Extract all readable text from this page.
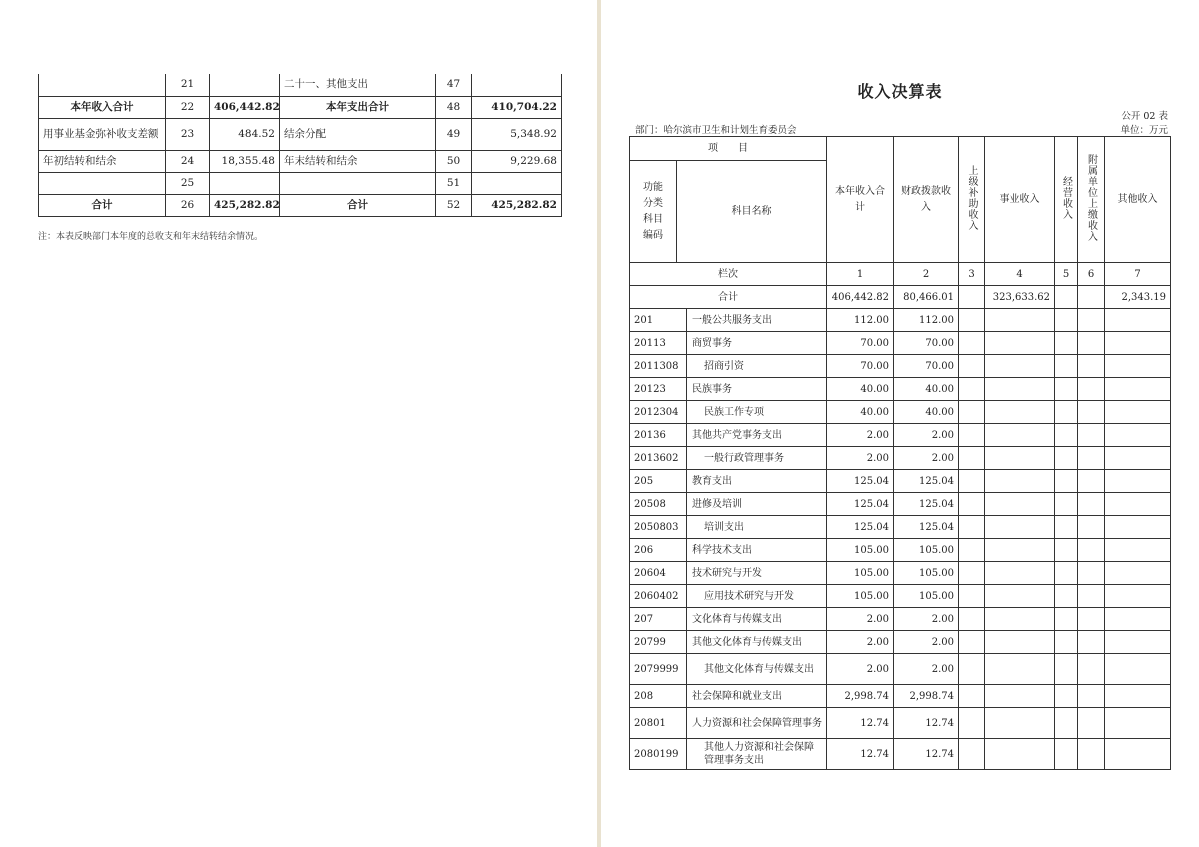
	21		二十一、其他支出	47	
本年收入合计	22	406,442.82	本年支出合计	48	410,704.22
用事业基金弥补收支差额	23	484.52	结余分配	49	5,348.92
年初结转和结余	24	18,355.48	年末结转和结余	50	9,229.68
	25			51	
合计	26	425,282.82	合计	52	425,282.82
注：本表反映部门本年度的总收支和年末结转结余情况。
收入决算表
公开 02 表
部门：哈尔滨市卫生和计划生育委员会	单位：万元
项　　目			本年收入合计	财政拨款收入	上级补助收入	事业收入	经营收入	附属单位上缴收入	其他收入
功能分类科目编码	科目名称								
栏次			1	2	3	4	5	6	7
合计			406,442.82	80,466.01		323,633.62			2,343.19
201		一般公共服务支出	112.00	112.00					
20113		商贸事务	70.00	70.00					
2011308		招商引资	70.00	70.00					
20123		民族事务	40.00	40.00					
2012304		民族工作专项	40.00	40.00					
20136		其他共产党事务支出	2.00	2.00					
2013602		一般行政管理事务	2.00	2.00					
205		教育支出	125.04	125.04					
20508		进修及培训	125.04	125.04					
2050803		培训支出	125.04	125.04					
206		科学技术支出	105.00	105.00					
20604		技术研究与开发	105.00	105.00					
2060402		应用技术研究与开发	105.00	105.00					
207		文化体育与传媒支出	2.00	2.00					
20799		其他文化体育与传媒支出	2.00	2.00					
2079999		其他文化体育与传媒支出	2.00	2.00					
208		社会保障和就业支出	2,998.74	2,998.74					
20801		人力资源和社会保障管理事务	12.74	12.74					
2080199		其他人力资源和社会保障管理事务支出	12.74	12.74					
